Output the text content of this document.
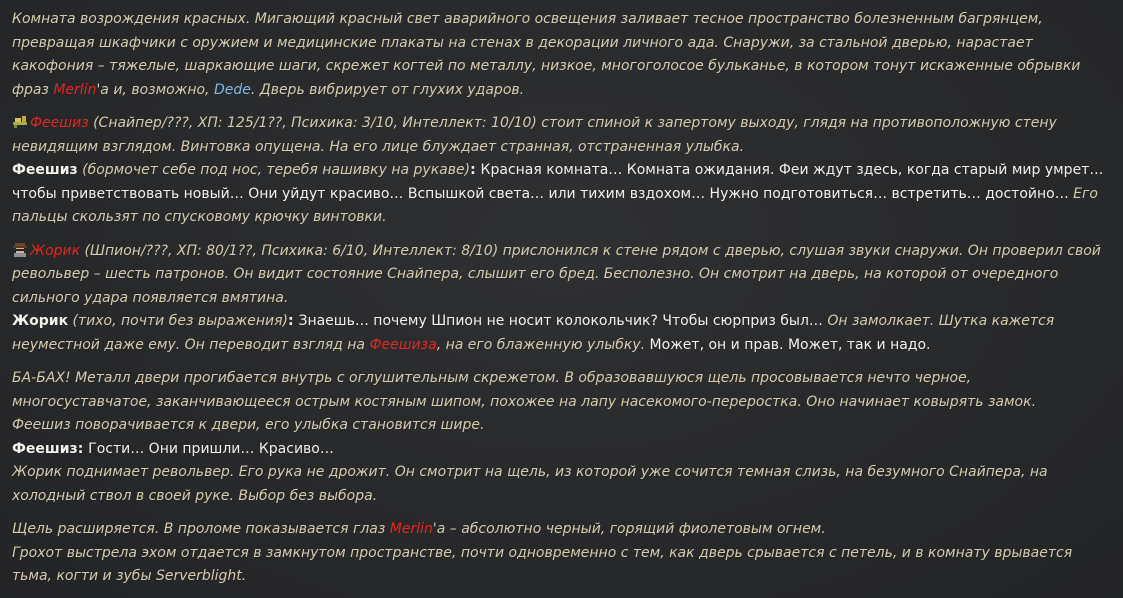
Комната возрождения красных. Мигающий красный свет аварийного освещения заливает тесное пространство болезненным багрянцем, превращая шкафчики с оружием и медицинские плакаты на стенах в декорации личного ада. Снаружи, за стальной дверью, нарастает какофония – тяжелые, шаркающие шаги, скрежет когтей по металлу, низкое, многоголосое бульканье, в котором тонут искаженные обрывки фраз Merlin'а и, возможно, Dede. Дверь вибрирует от глухих ударов.

Феешиз (Снайпер/???, ХП: 125/1??, Психика: 3/10, Интеллект: 10/10) стоит спиной к запертому выходу, глядя на противоположную стену невидящим взглядом. Винтовка опущена. На его лице блуждает странная, отстраненная улыбка.

Феешиз (бормочет себе под нос, теребя нашивку на рукаве): Красная комната… Комната ожидания. Феи ждут здесь, когда старый мир умрет… чтобы приветствовать новый… Они уйдут красиво… Вспышкой света… или тихим вздохом… Нужно подготовиться… встретить… достойно… Его пальцы скользят по спусковому крючку винтовки.

Жорик (Шпион/???, ХП: 80/1??, Психика: 6/10, Интеллект: 8/10) прислонился к стене рядом с дверью, слушая звуки снаружи. Он проверил свой револьвер – шесть патронов. Он видит состояние Снайпера, слышит его бред. Бесполезно. Он смотрит на дверь, на которой от очередного сильного удара появляется вмятина.

Жорик (тихо, почти без выражения): Знаешь… почему Шпион не носит колокольчик? Чтобы сюрприз был… Он замолкает. Шутка кажется неуместной даже ему. Он переводит взгляд на Феешиза, на его блаженную улыбку. Может, он и прав. Может, так и надо.

БА-БАХ! Металл двери прогибается внутрь с оглушительным скрежетом. В образовавшуюся щель просовывается нечто черное, многосуставчатое, заканчивающееся острым костяным шипом, похожее на лапу насекомого-переростка. Оно начинает ковырять замок.
Феешиз поворачивается к двери, его улыбка становится шире.

Феешиз: Гости… Они пришли… Красиво…
Жорик поднимает револьвер. Его рука не дрожит. Он смотрит на щель, из которой уже сочится темная слизь, на безумного Снайпера, на холодный ствол в своей руке. Выбор без выбора.

Щель расширяется. В проломе показывается глаз Merlin'а – абсолютно черный, горящий фиолетовым огнем.
Грохот выстрела эхом отдается в замкнутом пространстве, почти одновременно с тем, как дверь срывается с петель, и в комнату врывается тьма, когти и зубы Serverblight.
